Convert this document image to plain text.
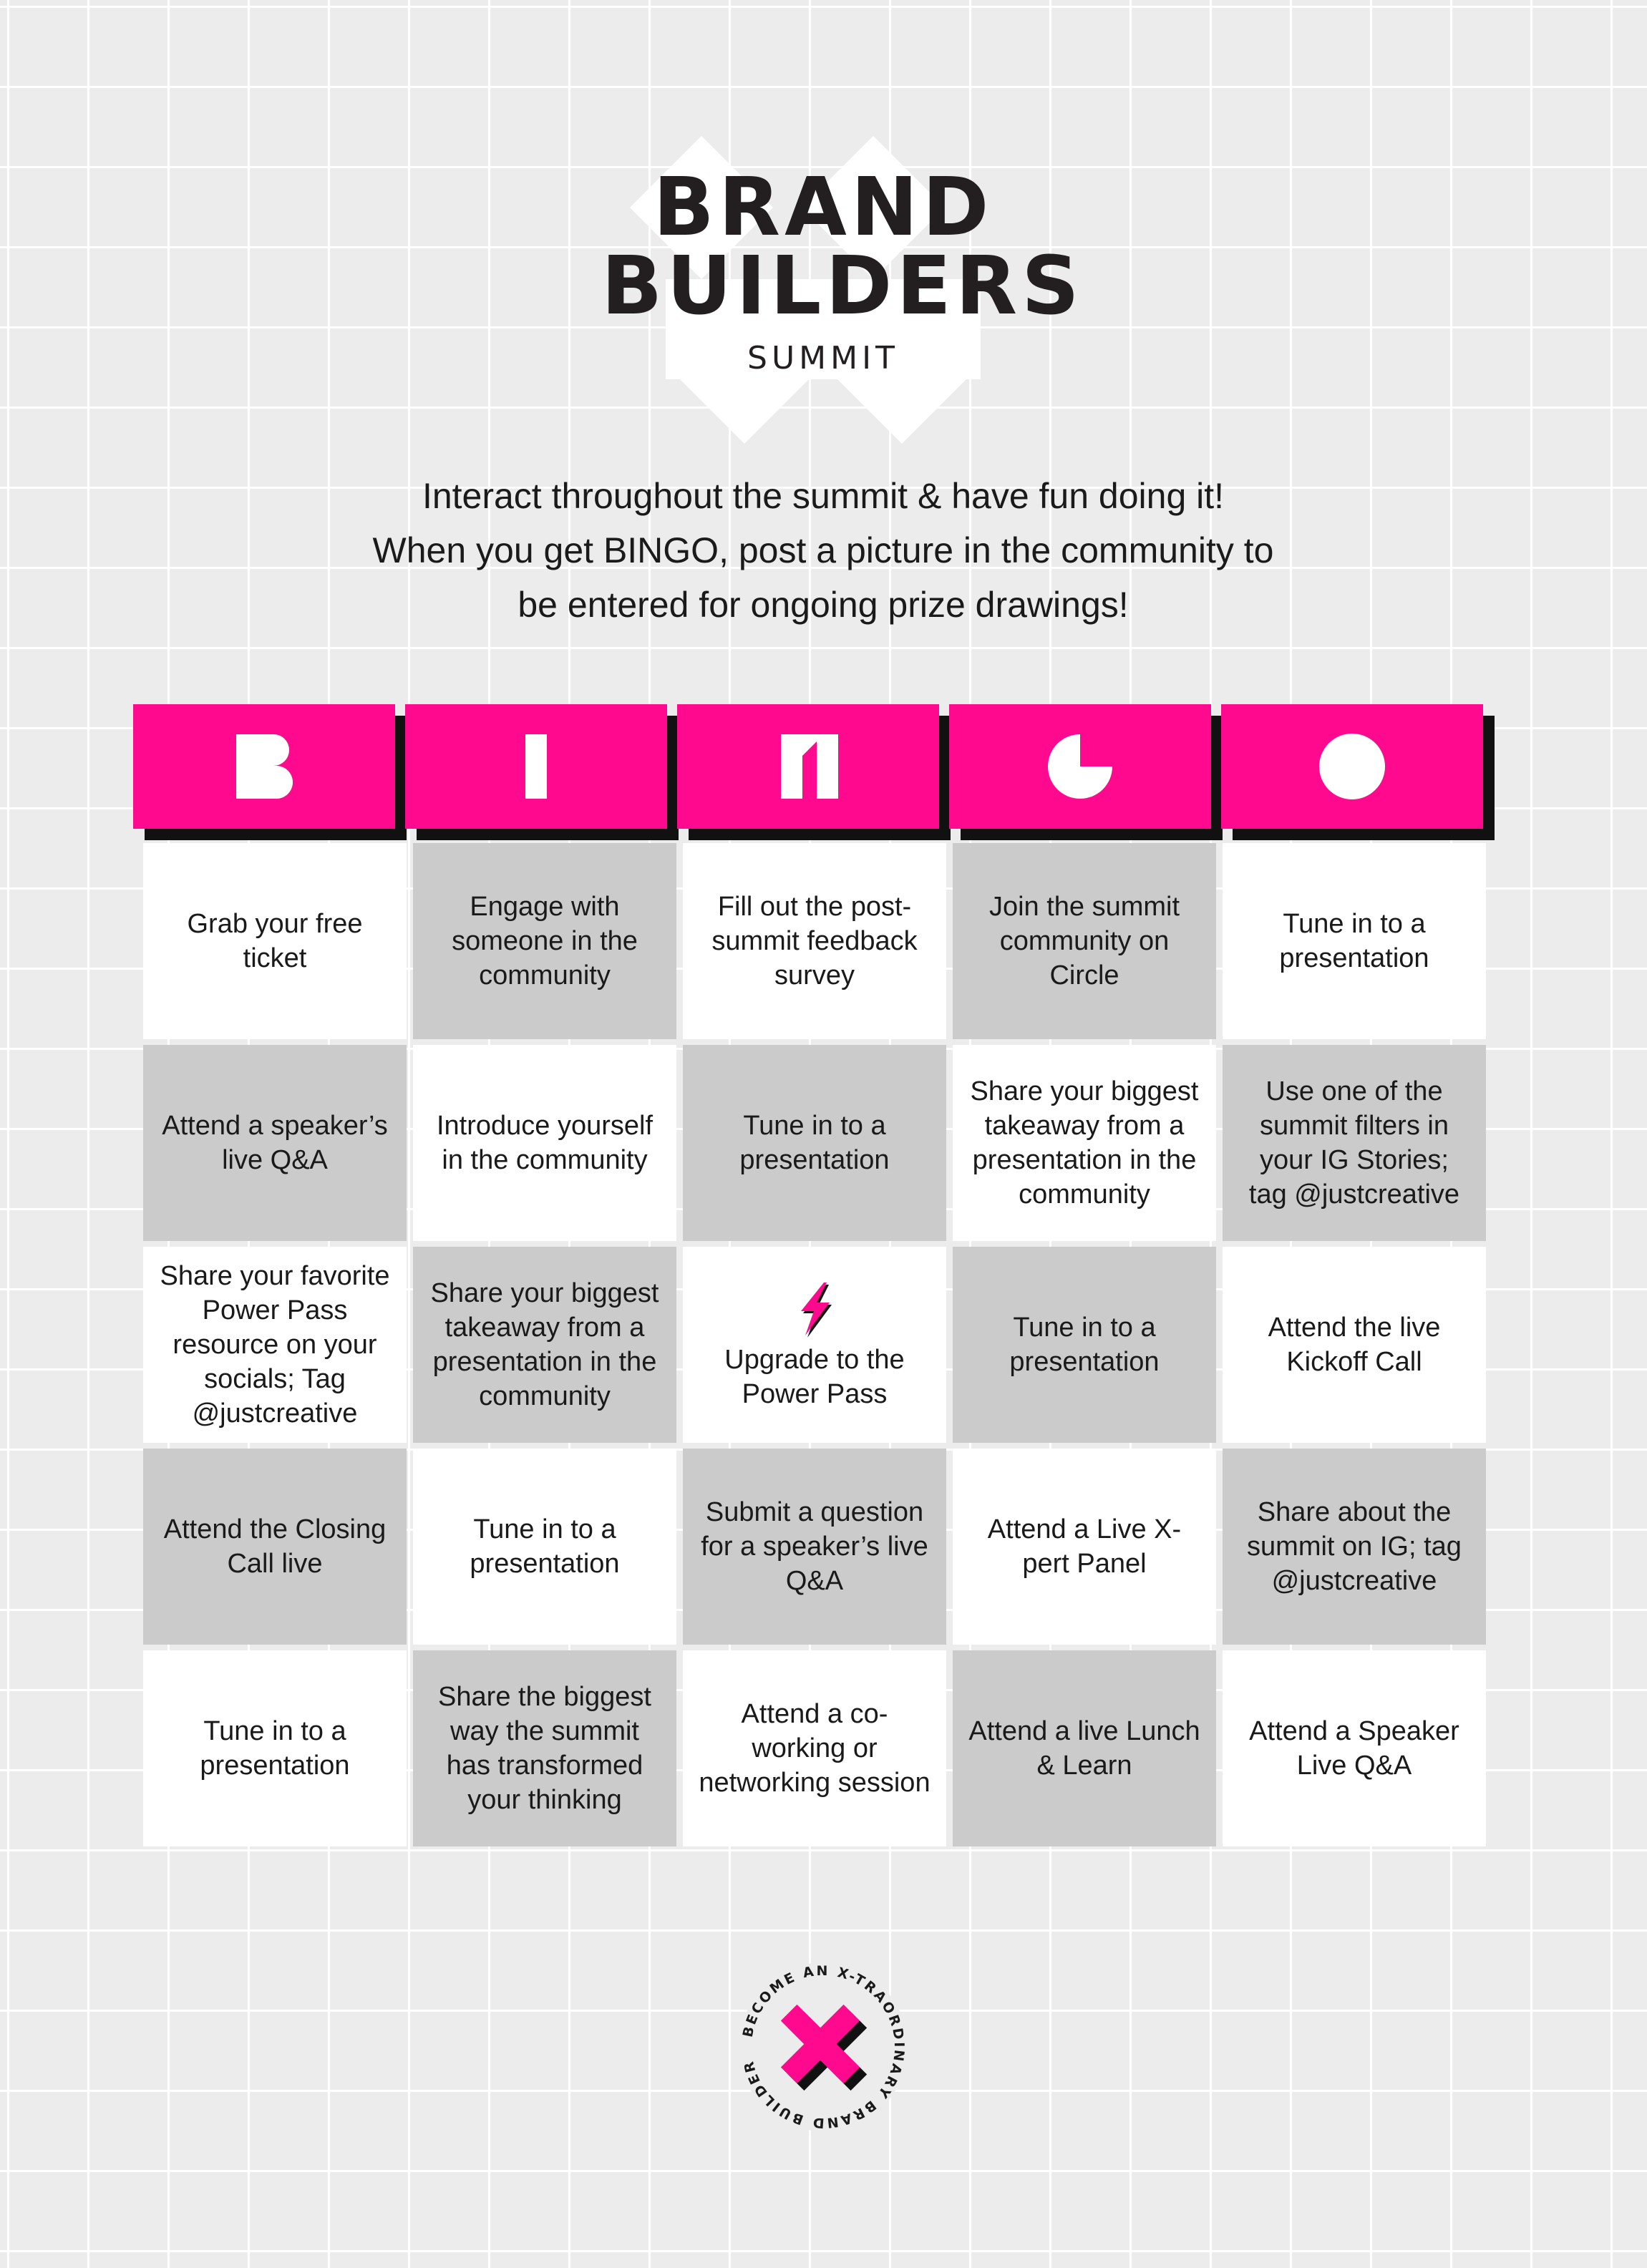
BRAND
BUILDERS
SUMMIT

Interact throughout the summit & have fun doing it!

When you get BINGO, post a picture in the community to

be entered for ongoing prize drawings!

Grab your free ticket
Engage with someone in the community
Fill out the post-summit feedback survey
Join the summit community on Circle
Tune in to a presentation
Attend a speaker’s live Q&A
Introduce yourself in the community
Tune in to a presentation
Share your biggest takeaway from a presentation in the community
Use one of the summit filters in your IG Stories; tag @justcreative
Share your favorite Power Pass resource on your socials; Tag @justcreative
Share your biggest takeaway from a presentation in the community
Upgrade to the Power Pass
Tune in to a presentation
Attend the live Kickoff Call
Attend the Closing Call live
Tune in to a presentation
Submit a question for a speaker’s live Q&A
Attend a Live X-pert Panel
Share about the summit on IG; tag @justcreative
Tune in to a presentation
Share the biggest way the summit has transformed your thinking
Attend a co-working or networking session
Attend a live Lunch & Learn
Attend a Speaker Live Q&A
BECOME AN X-TRAORDINARY BRAND BUILDER
